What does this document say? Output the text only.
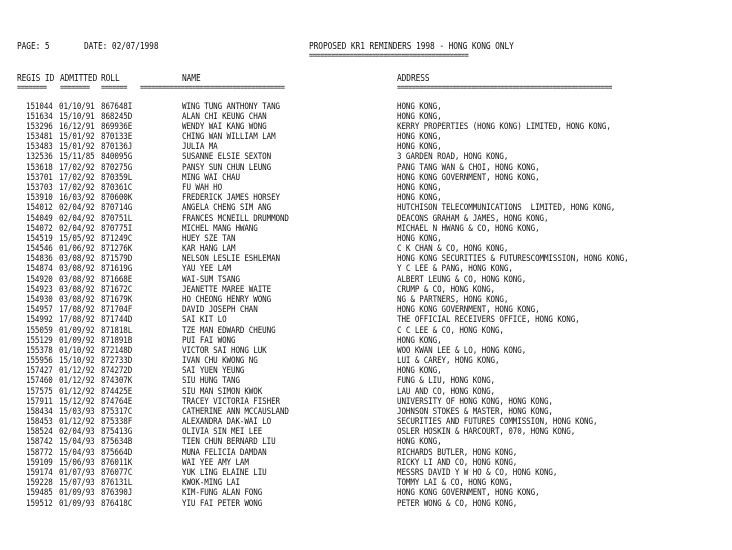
PAGE: 5	DATE: 02/07/1998	PROPOSED KR1 REMINDERS 1998 - HONG KONG ONLY
===========================================
REGIS ID ADMITTED ROLL	NAME	ADDRESS
======== ======== ======= =======================================	==========================================================
151044 01/10/91 867648I	WING TUNG ANTHONY TANG	HONG KONG,
151634 15/10/91 868245D	ALAN CHI KEUNG CHAN	HONG KONG,
153296 16/12/91 869936E	WENDY WAI KANG WONG	KERRY PROPERTIES (HONG KONG) LIMITED, HONG KONG,
153481 15/01/92 870133E	CHING WAN WILLIAM LAM	HONG KONG,
153483 15/01/92 870136J	JULIA MA	HONG KONG,
132536 15/11/85 840095G	SUSANNE ELSIE SEXTON	3 GARDEN ROAD, HONG KONG,
153618 17/02/92 870275G	PANSY SUN CHUN LEUNG	PANG TANG WAN & CHOI, HONG KONG,
153701 17/02/92 870359L	MING WAI CHAU	HONG KONG GOVERNMENT, HONG KONG,
153703 17/02/92 870361C	FU WAH HO	HONG KONG,
153910 16/03/92 870600K	FREDERICK JAMES HORSEY	HONG KONG,
154012 02/04/92 870714G	ANGELA CHENG SIM ANG	HUTCHISON TELECOMMUNICATIONS  LIMITED, HONG KONG,
154049 02/04/92 870751L	FRANCES MCNEILL DRUMMOND	DEACONS GRAHAM & JAMES, HONG KONG,
154072 02/04/92 870775I	MICHEL MANG HWANG	MICHAEL N HWANG & CO, HONG KONG,
154519 15/05/92 871249C	HUEY SZE TAN	HONG KONG,
154546 01/06/92 871276K	KAR HANG LAM	C K CHAN & CO, HONG KONG,
154836 03/08/92 871579D	NELSON LESLIE ESHLEMAN	HONG KONG SECURITIES & FUTURESCOMMISSION, HONG KONG,
154874 03/08/92 871619G	YAU YEE LAM	Y C LEE & PANG, HONG KONG,
154920 03/08/92 871668E	WAI-SUM TSANG	ALBERT LEUNG & CO, HONG KONG,
154923 03/08/92 871672C	JEANETTE MAREE WAITE	CRUMP & CO, HONG KONG,
154930 03/08/92 871679K	HO CHEONG HENRY WONG	NG & PARTNERS, HONG KONG,
154957 17/08/92 871704F	DAVID JOSEPH CHAN	HONG KONG GOVERNMENT, HONG KONG,
154992 17/08/92 871744D	SAI KIT LO	THE OFFICIAL RECEIVERS OFFICE, HONG KONG,
155059 01/09/92 871818L	TZE MAN EDWARD CHEUNG	C C LEE & CO, HONG KONG,
155129 01/09/92 871891B	PUI FAI WONG	HONG KONG,
155378 01/10/92 872148D	VICTOR SAI HONG LUK	WOO KWAN LEE & LO, HONG KONG,
155956 15/10/92 872733D	IVAN CHU KWONG NG	LUI & CAREY, HONG KONG,
157427 01/12/92 874272D	SAI YUEN YEUNG	HONG KONG,
157460 01/12/92 874307K	SIU HUNG TANG	FUNG & LIU, HONG KONG,
157575 01/12/92 874425E	SIU MAN SIMON KWOK	LAU AND CO, HONG KONG,
157911 15/12/92 874764E	TRACEY VICTORIA FISHER	UNIVERSITY OF HONG KONG, HONG KONG,
158434 15/03/93 875317C	CATHERINE ANN MCCAUSLAND	JOHNSON STOKES & MASTER, HONG KONG,
158453 01/12/92 875338F	ALEXANDRA DAK-WAI LO	SECURITIES AND FUTURES COMMISSION, HONG KONG,
158524 02/04/93 875413G	OLIVIA SIN MEI LEE	OSLER HOSKIN & HARCOURT, 070, HONG KONG,
158742 15/04/93 875634B	TIEN CHUN BERNARD LIU	HONG KONG,
158772 15/04/93 875664D	MUNA FELICIA DAMDAN	RICHARDS BUTLER, HONG KONG,
159109 15/06/93 876011K	WAI YEE AMY LAM	RICKY LI AND CO, HONG KONG,
159174 01/07/93 876077C	YUK LING ELAINE LIU	MESSRS DAVID Y W HO & CO, HONG KONG,
159228 15/07/93 876131L	KWOK-MING LAI	TOMMY LAI & CO, HONG KONG,
159485 01/09/93 876390J	KIM-FUNG ALAN FONG	HONG KONG GOVERNMENT, HONG KONG,
159512 01/09/93 876418C	YIU FAI PETER WONG	PETER WONG & CO, HONG KONG,
